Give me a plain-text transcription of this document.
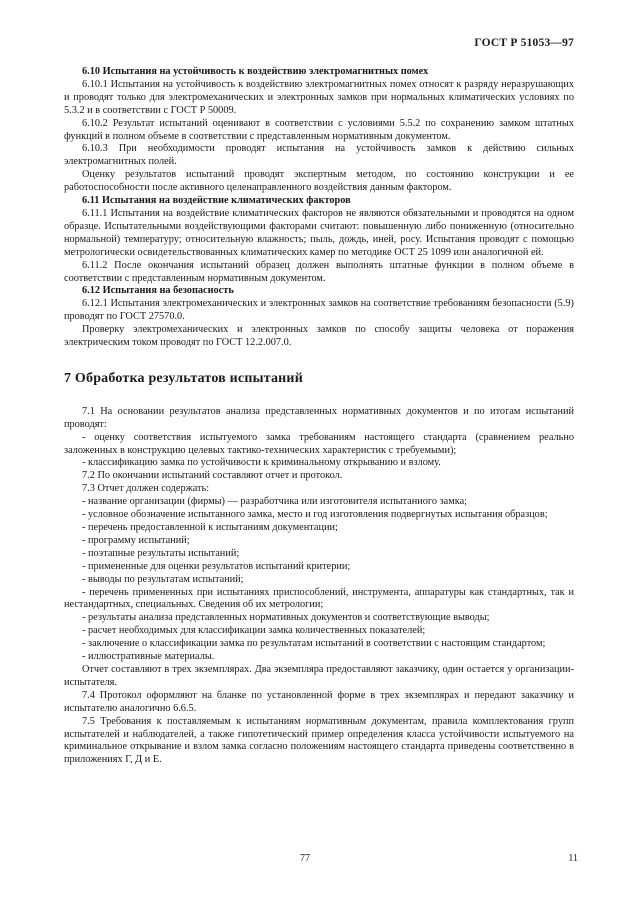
ГОСТ Р 51053—97

6.10 Испытания на устойчивость к воздействию электромагнитных помех

6.10.1 Испытания на устойчивость к воздействию электромагнитных помех относят к разряду неразрушающих и проводят только для электромеханических и электронных замков при нормальных климатических условиях по 5.3.2 и в соответствии с ГОСТ Р 50009.

6.10.2 Результат испытаний оценивают в соответствии с условиями 5.5.2 по сохранению замком штатных функций в полном объеме в соответствии с представленным нормативным документом.

6.10.3 При необходимости проводят испытания на устойчивость замков к действию сильных электромагнитных полей.

Оценку результатов испытаний проводят экспертным методом, по состоянию конструкции и ее работоспособности после активного целенаправленного воздействия данным фактором.

6.11 Испытания на воздействие климатических факторов

6.11.1 Испытания на воздействие климатических факторов не являются обязательными и проводятся на одном образце. Испытательными воздействующими факторами считают: повышенную либо пониженную (относительно нормальной) температуру; относительную влажность; пыль, дождь, иней, росу. Испытания проводят с помощью метрологически освидетельствованных климатических камер по методике ОСТ 25 1099 или аналогичной ей.

6.11.2 После окончания испытаний образец должен выполнять штатные функции в полном объеме в соответствии с представленным нормативным документом.

6.12 Испытания на безопасность

6.12.1 Испытания электромеханических и электронных замков на соответствие требованиям безопасности (5.9) проводят по ГОСТ 27570.0.

Проверку электромеханических и электронных замков по способу защиты человека от поражения электрическим током проводят по ГОСТ 12.2.007.0.

7 Обработка результатов испытаний

7.1 На основании результатов анализа представленных нормативных документов и по итогам испытаний проводят:

- оценку соответствия испытуемого замка требованиям настоящего стандарта (сравнением реально заложенных в конструкцию целевых тактико-технических характеристик с требуемыми);

- классификацию замка по устойчивости к криминальному открыванию и взлому.

7.2 По окончании испытаний составляют отчет и протокол.

7.3 Отчет должен содержать:

- название организации (фирмы) — разработчика или изготовителя испытаниого замка;

- условное обозначение испытанного замка, место и год изготовления подвергнутых испытания образцов;

- перечень предоставленной к испытаниям документации;

- программу испытаний;

- поэтапные результаты испытаний;

- примененные для оценки результатов испытаний критерии;

- выводы по результатам испытаний;

- перечень примененных при испытаниях приспособлений, инструмента, аппаратуры как стандартных, так и нестандартных, специальных. Сведения об их метрологии;

- результаты анализа представленных нормативных документов и соответствующие выводы;

- расчет необходимых для классификации замка количественных показателей;

- заключение о классификации замка по результатам испытаний в соответствии с настоящим стандартом;

- иллюстративные материалы.

Отчет составляют в трех экземплярах. Два экземпляра предоставляют заказчику, один остается у организации-испытателя.

7.4 Протокол оформляют на бланке по установленной форме в трех экземплярах и передают заказчику и испытателю аналогично 6.6.5.

7.5 Требования к поставляемым к испытаниям нормативным документам, правила комплектования групп испытателей и наблюдателей, а также гипотетический пример определения класса устойчивости испытуемого на криминальное открывание и взлом замка согласно положениям настоящего стандарта приведены соответственно в приложениях Г, Д и Е.

77	11
